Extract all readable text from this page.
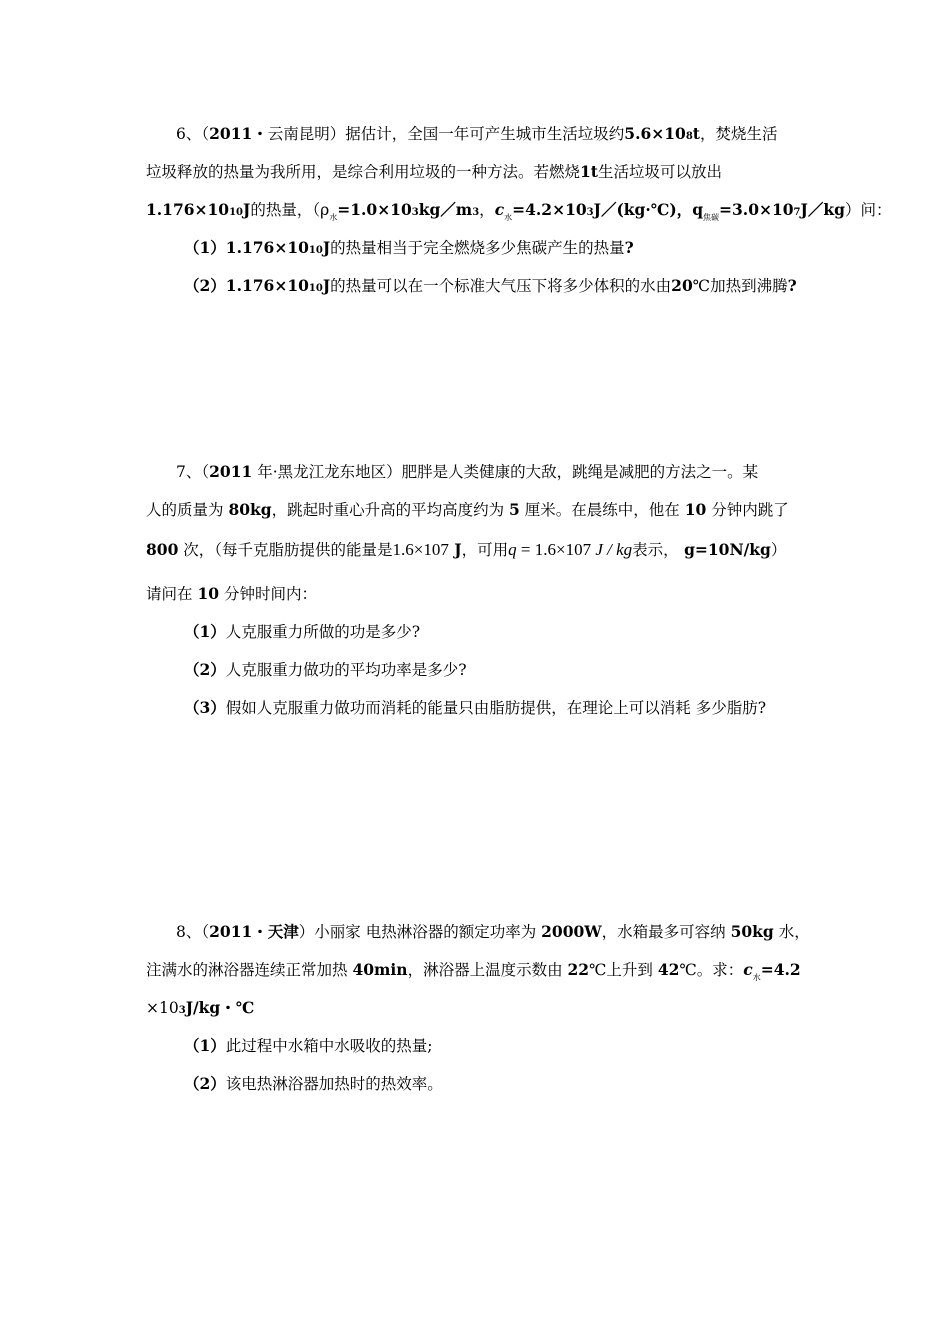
6、（2011・云南昆明）据估计，全国一年可产生城市生活垃圾约5.6×108t，焚烧生活
垃圾释放的热量为我所用，是综合利用垃圾的一种方法。若燃烧1t生活垃圾可以放出
1.176×1010J的热量，（$\rho_水=1.0\times 103kg/m3$，$c_水=4.2\times 103J/(kg\cdot℃)$，$q_{焦碳}=3.0\times 107J/kg$）问：
（1）1.176×1010J的热量相当于完全燃烧多少焦碳产生的热量?
（2）1.176×1010J的热量可以在一个标准大气压下将多少体积的水由20℃加热到沸腾?
7、（2011 年·黑龙江龙东地区）肥胖是人类健康的大敌，跳绳是减肥的方法之一。某
人的质量为 80kg，跳起时重心升高的平均高度约为 5 厘米。在晨练中，他在 10 分钟内跳了
800 次，（每千克脂肪提供的能量是1.6×107 J，可用q = 1.6×107 J / kg表示， g=10N/kg）
请问在 10 分钟时间内：
（1）人克服重力所做的功是多少?
（2）人克服重力做功的平均功率是多少?
（3）假如人克服重力做功而消耗的能量只由脂肪提供，在理论上可以消耗 多少脂肪?
8、（2011・天津）小丽家 电热淋浴器的额定功率为 2000W，水箱最多可容纳 50kg 水，
注满水的淋浴器连续正常加热 40min，淋浴器上温度示数由 22℃上升到 42℃。求：$c_水=4.2$
×103J/kg・℃
（1）此过程中水箱中水吸收的热量;
（2）该电热淋浴器加热时的热效率。
